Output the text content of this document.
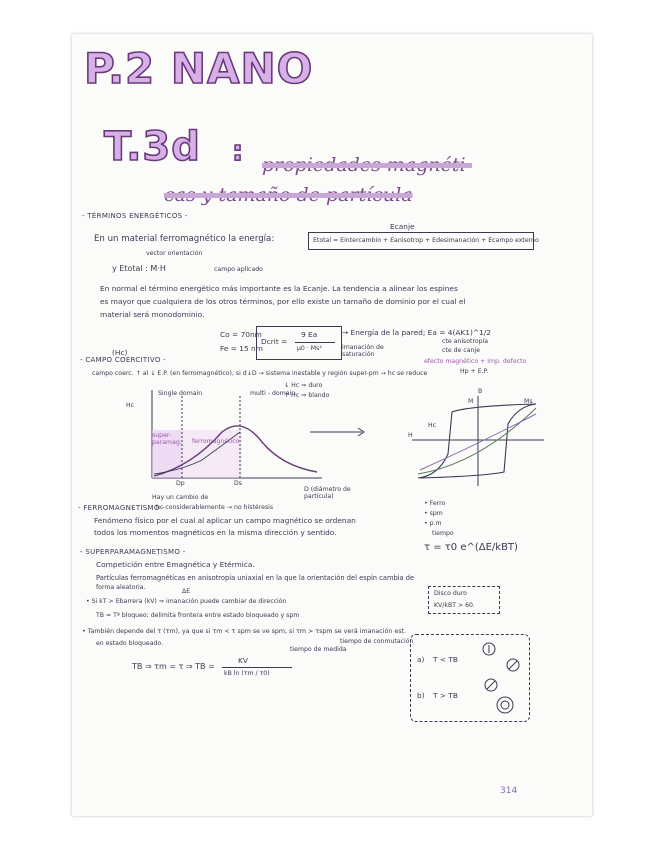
P.2 NANO
T.3d : propiedades magnéti-
cas y tamaño de partícula
- TÉRMINOS ENERGÉTICOS -
Ecanje
En un material ferromagnético la energía:	Etotal = Eintercambio + Eanisotrop + Edesimanación + Ecampo externo
vector orientación
y Etotal : M·H	campo aplicado
En normal el término energético más importante es la Ecanje. La tendencia a alinear los espines
es mayor que cualquiera de los otros términos, por ello existe un tamaño de dominio por el cual el
material será monodominio.
Co = 70nm
Fe = 15 nm
Dcrit =
9 Ea
μ0 · Ms²
→ Energía de la pared; Ea = 4(AK1)^1/2
imanación de saturación
cte anisotropía
cte de canje
efecto magnético + imp. defecto
Hp + E.P.
(Hc)
- CAMPO COERCITIVO -
campo coerc. ↑ al ↓ E.P. (en ferromagnético), si d↓D → sistema inestable y región super-pm → hc se reduce
↓ Hc ⇒ duro
↑ Hc ⇒ blando
Single domain	multi - domain
Hc
super-paramag. ferromagnético
Dp	Ds
D (diámetro de partícula)
Hay un cambio de
hc considerablemente → no histéresis
B
M	Ms
H
Hc
- FERROMAGNETISMO -
Fenómeno físico por el cual al aplicar un campo magnético se ordenan
todos los momentos magnéticos en la misma dirección y sentido.
• Ferro
• spm
• p.m
tiempo
τ = τ0 e^(ΔE/kBT)
- SUPERPARAMAGNETISMO -
Competición entre Emagnética y Etérmica.
Partículas ferromagnéticas en anisotropía uniaxial en la que la orientación del espín cambia de
forma aleatoria.
ΔE
• Si kT > Ebarrera (kV) ⇒ imanación puede cambiar de dirección
TB = Tª bloqueo; delimita frontera entre estado bloqueado y spm
Disco duro
KV/kBT > 60.
• También depende del τ (τm), ya que si τm < τ spm se ve spm, si τm > τspm se verá imanación est.
en estado bloqueado.	tiempo de conmutación
tiempo de medida
TB ⇒ τm = τ ⇒ TB =
KV
kB ln (τm / τ0)
a) T < TB
b) T > TB
314
